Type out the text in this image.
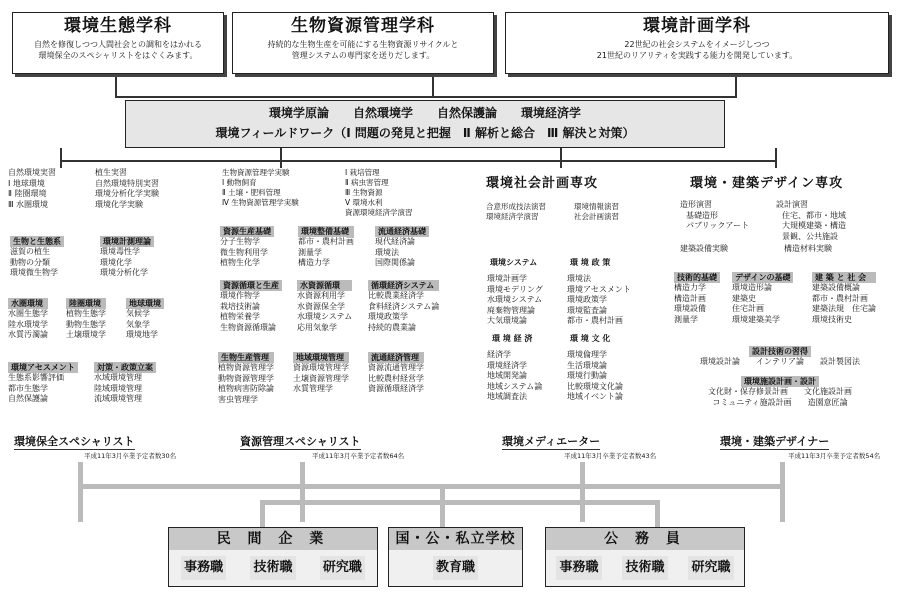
環境生態学科
自然を修復しつつ人間社会との調和をはかれる
環境保全のスペシャリストをはぐくみます。
生物資源管理学科
持続的な生物生産を可能にする生物資源リサイクルと
管理システムの専門家を送りだします。
環境計画学科
22世紀の社会システムをイメージしつつ
21世紀のリアリティを実践する能力を開発しています。
環境学原論　　自然環境学　　自然保護論　　環境経済学
環境フィールドワーク（Ⅰ 問題の発見と把握　Ⅱ 解析と総合　Ⅲ 解決と対策）
自然環境実習
Ⅰ 地球環境
Ⅱ 陸圏環境
Ⅲ 水圏環境
植生実習
自然環境特別実習
環境分析化学実験
環境化学実験
生物と生態系
滋賀の植生
動物の分類
環境微生物学
環境計測理論
環境毒性学
環境化学
環境分析化学
水圏環境
水圏生態学
陸水環境学
水質汚濁論
陸圏環境
植物生態学
動物生態学
土壌環境学
地球環境
気候学
気象学
環境地学
環境アセスメント
生態系影響評価
都市生態学
自然保護論
対策・政策立案
水域環境管理
陸域環境管理
流域環境管理
生物資源管理学実験
Ⅰ 動物飼育
Ⅱ 土壌・肥料管理
Ⅳ 生物資源管理学実験
Ⅰ 栽培管理
Ⅱ 病虫害管理
Ⅲ 生物資源
Ⅴ 環境水利
資源環境経済学演習
資源生産基礎
分子生物学
微生物利用学
植物生化学
環境整備基礎
都市・農村計画
測量学
構造力学
流通経済基礎
現代経済論
環境法
国際関係論
資源循環と生産
環境作物学
栽培技術論
植物栄養学
生物資源循環論
水資源循環
水資源利用学
水資源保全学
水環境システム
応用気象学
循環経済システム
比較農業経済学
食料経済システム論
環境政策学
持続的農業論
生物生産管理
植物資源管理学
動物資源管理学
植物病害防除論
害虫管理学
地域環境管理
資源環境管理学
土壌資源管理学
水質管理学
流通経済管理
資源流通管理学
比較農村経営学
資源循環経済学
環境社会計画専攻
合意形成技法演習
環境経済学演習
環境情報演習
社会計画演習
環境システム	環 境 政 策
環境計画学
環境モデリング
水環境システム
廃棄物管理論
大気環境論
環境法
環境アセスメント
環境政策学
環境監査論
都市・農村計画
環 境 経 済	環 境 文 化
経済学
環境経済学
地域開発論
地域システム論
地域調査法
環境倫理学
生活環境論
環境行動論
比較環境文化論
地域イベント論
環境・建築デザイン専攻
造形演習
基礎造形
パブリックアート
設計演習
住宅、都市・地域
大規模建築・構造
景観、公共施設
建築設備実験	構造材料実験
技術的基礎
構造力学
構造計画
環境設備
測量学
デザインの基礎
環境造形論
建築史
住宅計画
環境建築美学
建 築 と 社 会
建築設備概論
都市・農村計画
建築法規　住宅論
環境技術史
設計技術の習得
環境設計論　　インテリア論　　設計製図法
環境施設計画・設計
文化財・保存修景計画　　文化施設計画
コミュニティ施設計画　　造園意匠論
環境保全スペシャリスト
平成11年3月卒業予定者数30名
資源管理スペシャリスト
平成11年3月卒業予定者数64名
環境メディエーター
平成11年3月卒業予定者数43名
環境・建築デザイナー
平成11年3月卒業予定者数54名
民 間 企 業
事務職 技術職 研究職
国・公・私立学校
教育職
公 務 員
事務職 技術職 研究職
